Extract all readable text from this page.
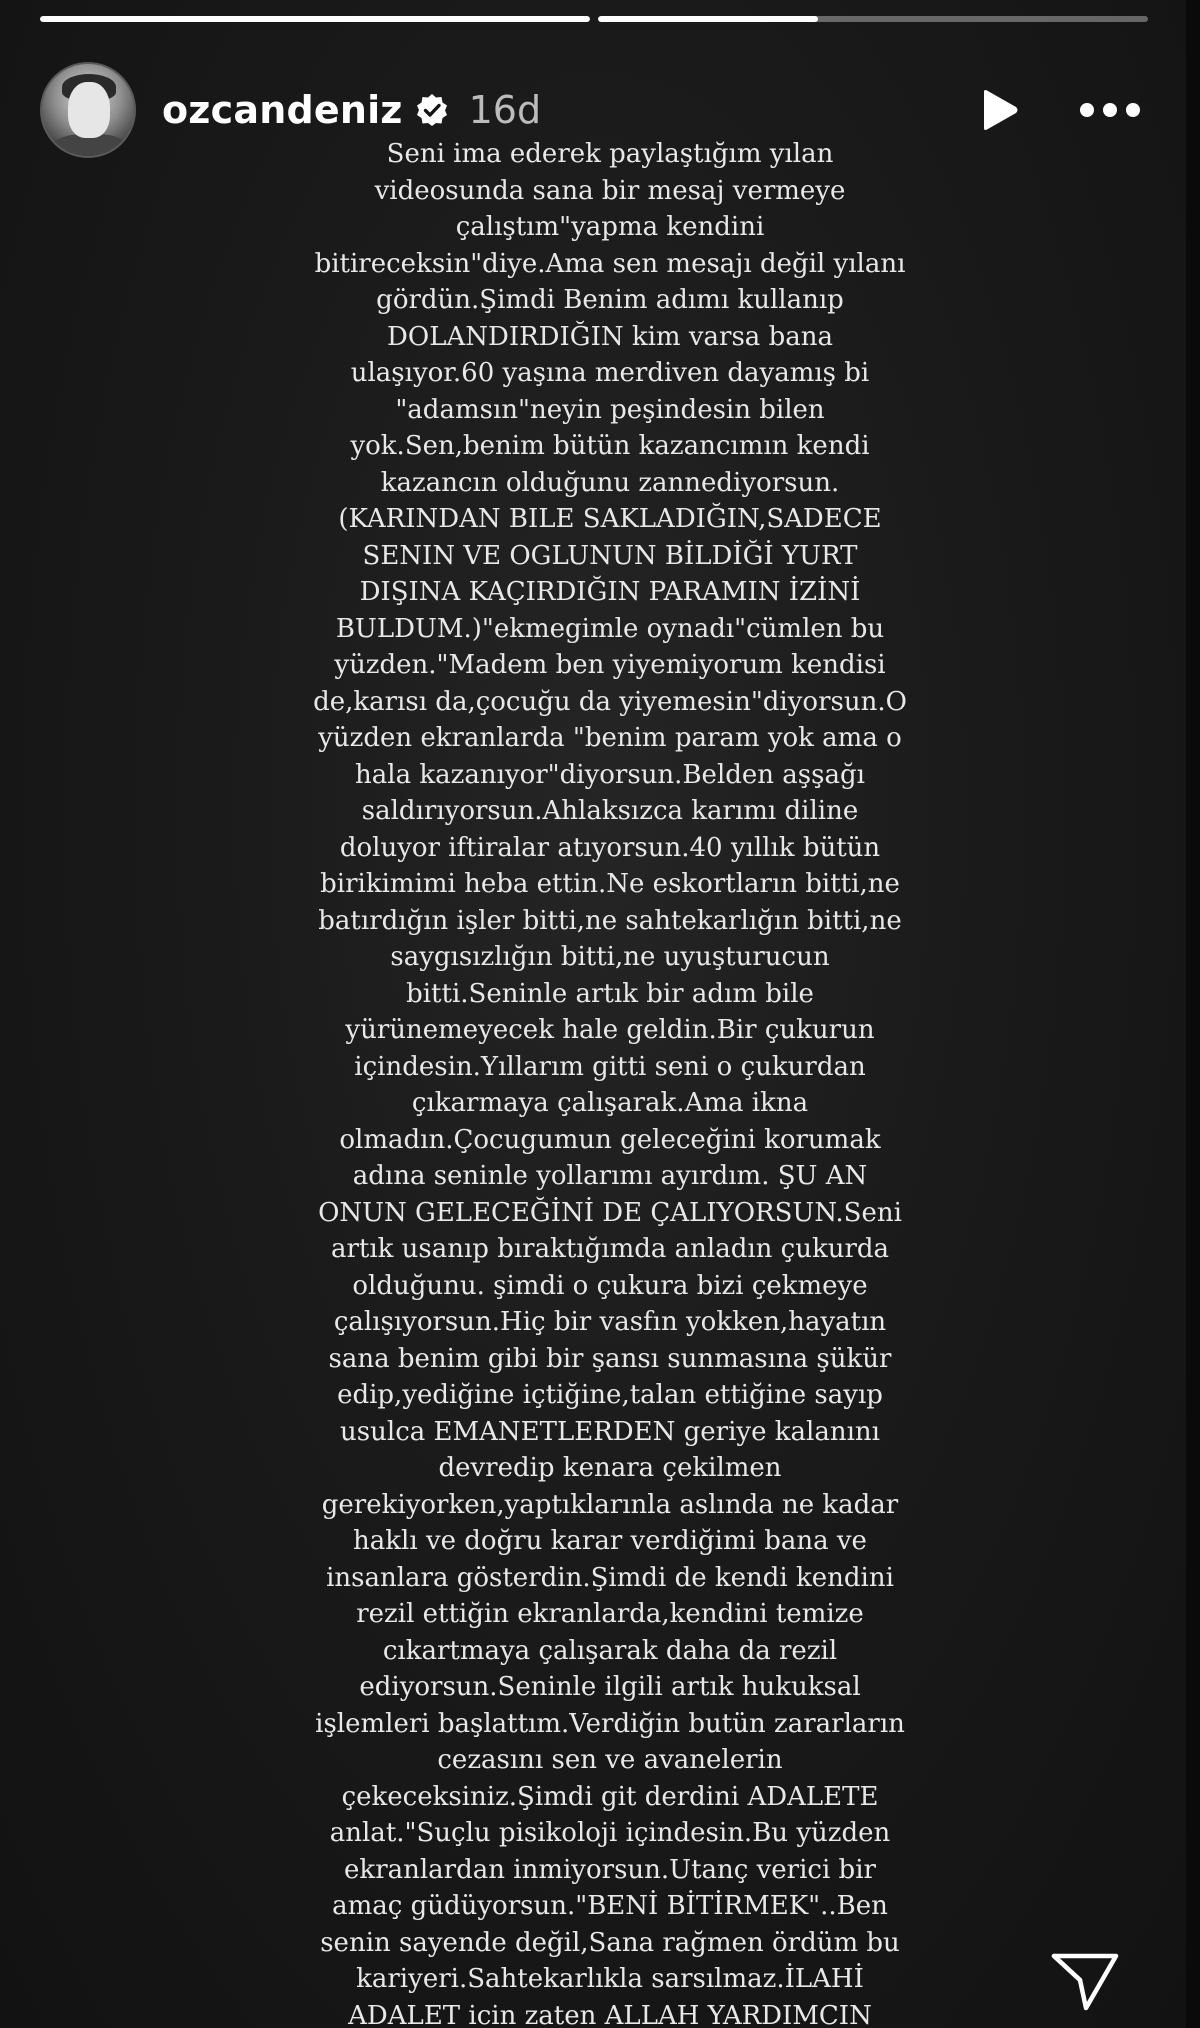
ozcandeniz 16d
Seni ima ederek paylaştığım yılan
videosunda sana bir mesaj vermeye
çalıştım"yapma kendini
bitireceksin"diye.Ama sen mesajı değil yılanı
gördün.Şimdi Benim adımı kullanıp
DOLANDIRDIĞIN kim varsa bana
ulaşıyor.60 yaşına merdiven dayamış bi
"adamsın"neyin peşindesin bilen
yok.Sen,benim bütün kazancımın kendi
kazancın olduğunu zannediyorsun.
(KARINDAN BILE SAKLADIĞIN,SADECE
SENIN VE OGLUNUN BİLDİĞİ YURT
DIŞINA KAÇIRDIĞIN PARAMIN İZİNİ
BULDUM.)"ekmegimle oynadı"cümlen bu
yüzden."Madem ben yiyemiyorum kendisi
de,karısı da,çocuğu da yiyemesin"diyorsun.O
yüzden ekranlarda "benim param yok ama o
hala kazanıyor"diyorsun.Belden aşşağı
saldırıyorsun.Ahlaksızca karımı diline
doluyor iftiralar atıyorsun.40 yıllık bütün
birikimimi heba ettin.Ne eskortların bitti,ne
batırdığın işler bitti,ne sahtekarlığın bitti,ne
saygısızlığın bitti,ne uyuşturucun
bitti.Seninle artık bir adım bile
yürünemeyecek hale geldin.Bir çukurun
içindesin.Yıllarım gitti seni o çukurdan
çıkarmaya çalışarak.Ama ikna
olmadın.Çocugumun geleceğini korumak
adına seninle yollarımı ayırdım. ŞU AN
ONUN GELECEĞİNİ DE ÇALIYORSUN.Seni
artık usanıp bıraktığımda anladın çukurda
olduğunu. şimdi o çukura bizi çekmeye
çalışıyorsun.Hiç bir vasfın yokken,hayatın
sana benim gibi bir şansı sunmasına şükür
edip,yediğine içtiğine,talan ettiğine sayıp
usulca EMANETLERDEN geriye kalanını
devredip kenara çekilmen
gerekiyorken,yaptıklarınla aslında ne kadar
haklı ve doğru karar verdiğimi bana ve
insanlara gösterdin.Şimdi de kendi kendini
rezil ettiğin ekranlarda,kendini temize
cıkartmaya çalışarak daha da rezil
ediyorsun.Seninle ilgili artık hukuksal
işlemleri başlattım.Verdiğin butün zararların
cezasını sen ve avanelerin
çekeceksiniz.Şimdi git derdini ADALETE
anlat."Suçlu pisikoloji içindesin.Bu yüzden
ekranlardan inmiyorsun.Utanç verici bir
amaç güdüyorsun."BENİ BİTİRMEK"..Ben
senin sayende değil,Sana rağmen ördüm bu
kariyeri.Sahtekarlıkla sarsılmaz.İLAHİ
ADALET icin zaten ALLAH YARDIMCIN
